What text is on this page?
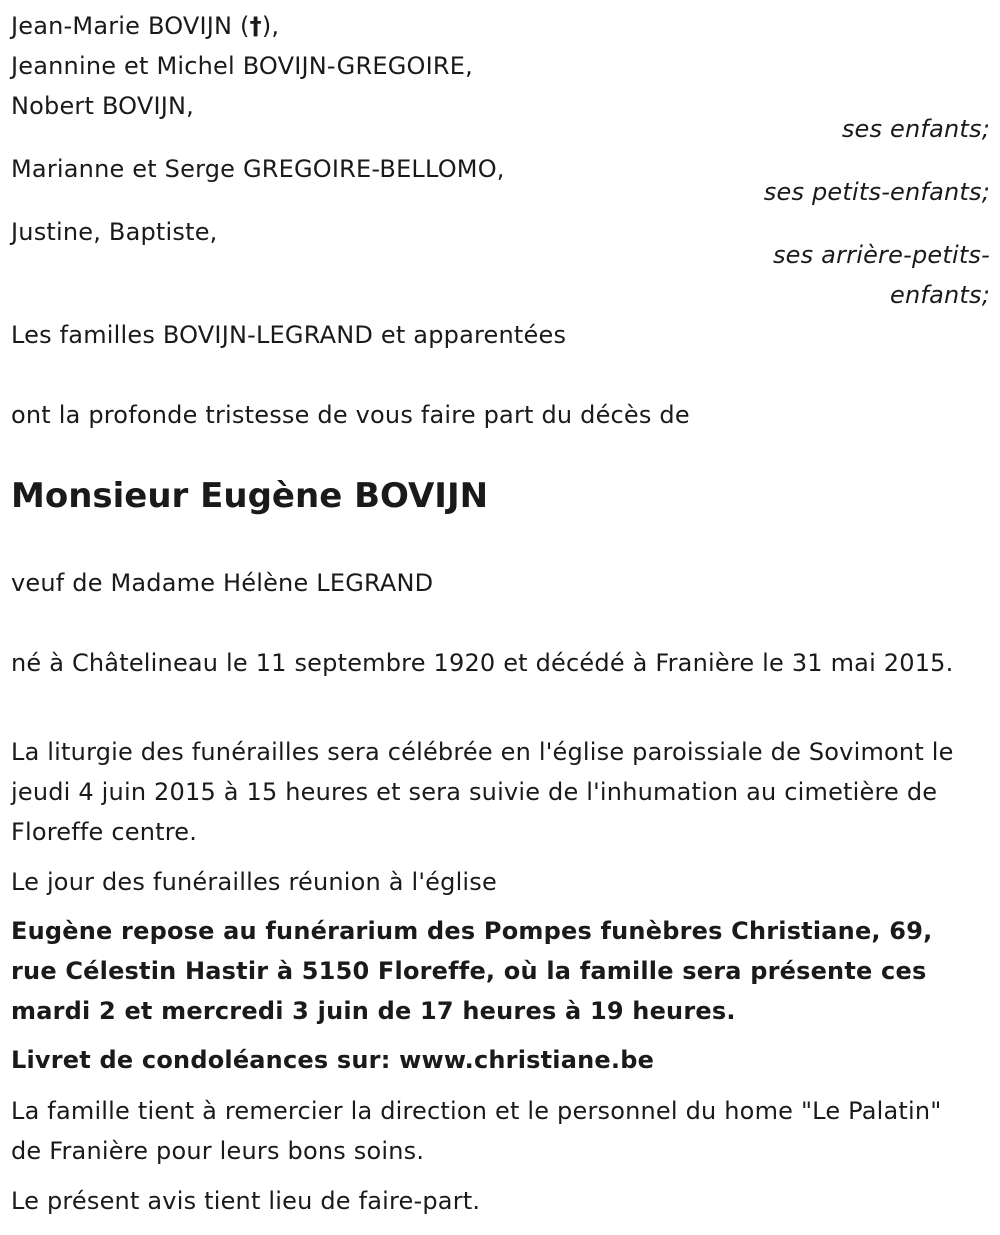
Jean-Marie BOVIJN (†),
Jeannine et Michel BOVIJN-GREGOIRE,
Nobert BOVIJN,
ses enfants;
Marianne et Serge GREGOIRE-BELLOMO,
ses petits-enfants;
Justine, Baptiste,
ses arrière-petits-
enfants;
Les familles BOVIJN-LEGRAND et apparentées
ont la profonde tristesse de vous faire part du décès de
Monsieur Eugène BOVIJN
veuf de Madame Hélène LEGRAND
né à Châtelineau le 11 septembre 1920 et décédé à Franière le 31 mai 2015.
La liturgie des funérailles sera célébrée en l'église paroissiale de Sovimont le jeudi 4 juin 2015 à 15 heures et sera suivie de l'inhumation au cimetière de Floreffe centre.
Le jour des funérailles réunion à l'église
Eugène repose au funérarium des Pompes funèbres Christiane, 69, rue Célestin Hastir à 5150 Floreffe, où la famille sera présente ces mardi 2 et mercredi 3 juin de 17 heures à 19 heures.
Livret de condoléances sur: www.christiane.be
La famille tient à remercier la direction et le personnel du home "Le Palatin" de Franière pour leurs bons soins.
Le présent avis tient lieu de faire-part.
